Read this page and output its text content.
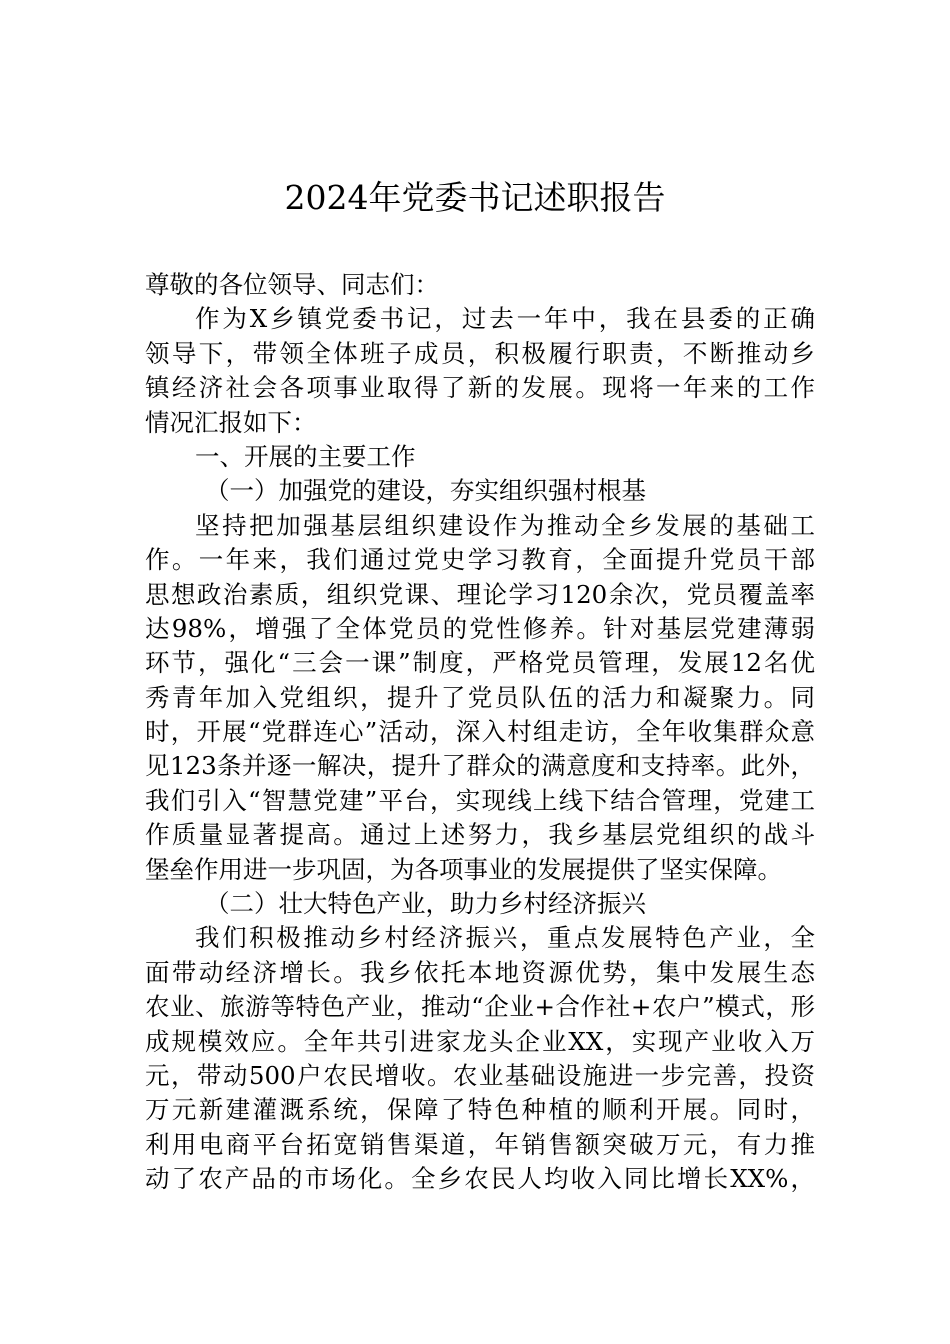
2024年党委书记述职报告
尊敬的各位领导、同志们：
作为X乡镇党委书记，过去一年中，我在县委的正确
领导下，带领全体班子成员，积极履行职责，不断推动乡
镇经济社会各项事业取得了新的发展。现将一年来的工作
情况汇报如下：
一、开展的主要工作
（一）加强党的建设，夯实组织强村根基
坚持把加强基层组织建设作为推动全乡发展的基础工
作。一年来，我们通过党史学习教育，全面提升党员干部
思想政治素质，组织党课、理论学习120余次，党员覆盖率
达98%，增强了全体党员的党性修养。针对基层党建薄弱
环节，强化“三会一课”制度，严格党员管理，发展12名优
秀青年加入党组织，提升了党员队伍的活力和凝聚力。同
时，开展“党群连心”活动，深入村组走访，全年收集群众意
见123条并逐一解决，提升了群众的满意度和支持率。此外，
我们引入“智慧党建”平台，实现线上线下结合管理，党建工
作质量显著提高。通过上述努力，我乡基层党组织的战斗
堡垒作用进一步巩固，为各项事业的发展提供了坚实保障。
（二）壮大特色产业，助力乡村经济振兴
我们积极推动乡村经济振兴，重点发展特色产业，全
面带动经济增长。我乡依托本地资源优势，集中发展生态
农业、旅游等特色产业，推动“企业+合作社+农户”模式，形
成规模效应。全年共引进家龙头企业XX，实现产业收入万
元，带动500户农民增收。农业基础设施进一步完善，投资
万元新建灌溉系统，保障了特色种植的顺利开展。同时，
利用电商平台拓宽销售渠道，年销售额突破万元，有力推
动了农产品的市场化。全乡农民人均收入同比增长XX%，
